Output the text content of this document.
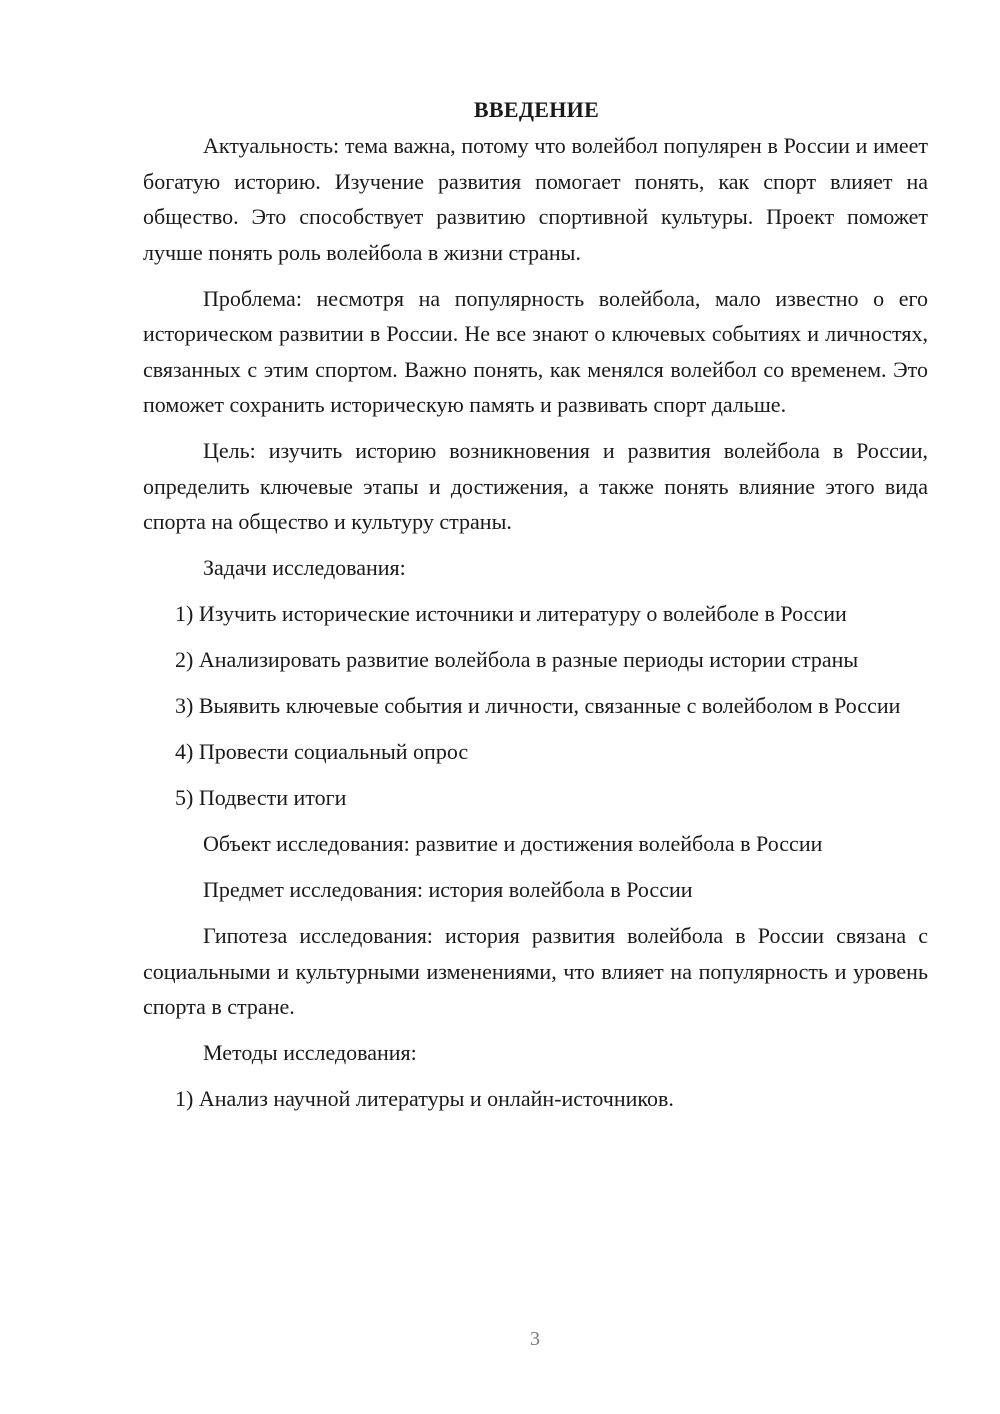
ВВЕДЕНИЕ

Актуальность: тема важна, потому что волейбол популярен в России и имеет богатую историю. Изучение развития помогает понять, как спорт влияет на общество. Это способствует развитию спортивной культуры. Проект поможет лучше понять роль волейбола в жизни страны.

Проблема: несмотря на популярность волейбола, мало известно о его историческом развитии в России. Не все знают о ключевых событиях и личностях, связанных с этим спортом. Важно понять, как менялся волейбол со временем. Это поможет сохранить историческую память и развивать спорт дальше.

Цель: изучить историю возникновения и развития волейбола в России, определить ключевые этапы и достижения, а также понять влияние этого вида спорта на общество и культуру страны.

Задачи исследования:

1) Изучить исторические источники и литературу о волейболе в России

2) Анализировать развитие волейбола в разные периоды истории страны

3) Выявить ключевые события и личности, связанные с волейболом в России

4) Провести социальный опрос

5) Подвести итоги

Объект исследования: развитие и достижения волейбола в России

Предмет исследования: история волейбола в России

Гипотеза исследования: история развития волейбола в России связана с социальными и культурными изменениями, что влияет на популярность и уровень спорта в стране.

Методы исследования:

1) Анализ научной литературы и онлайн-источников.

3
